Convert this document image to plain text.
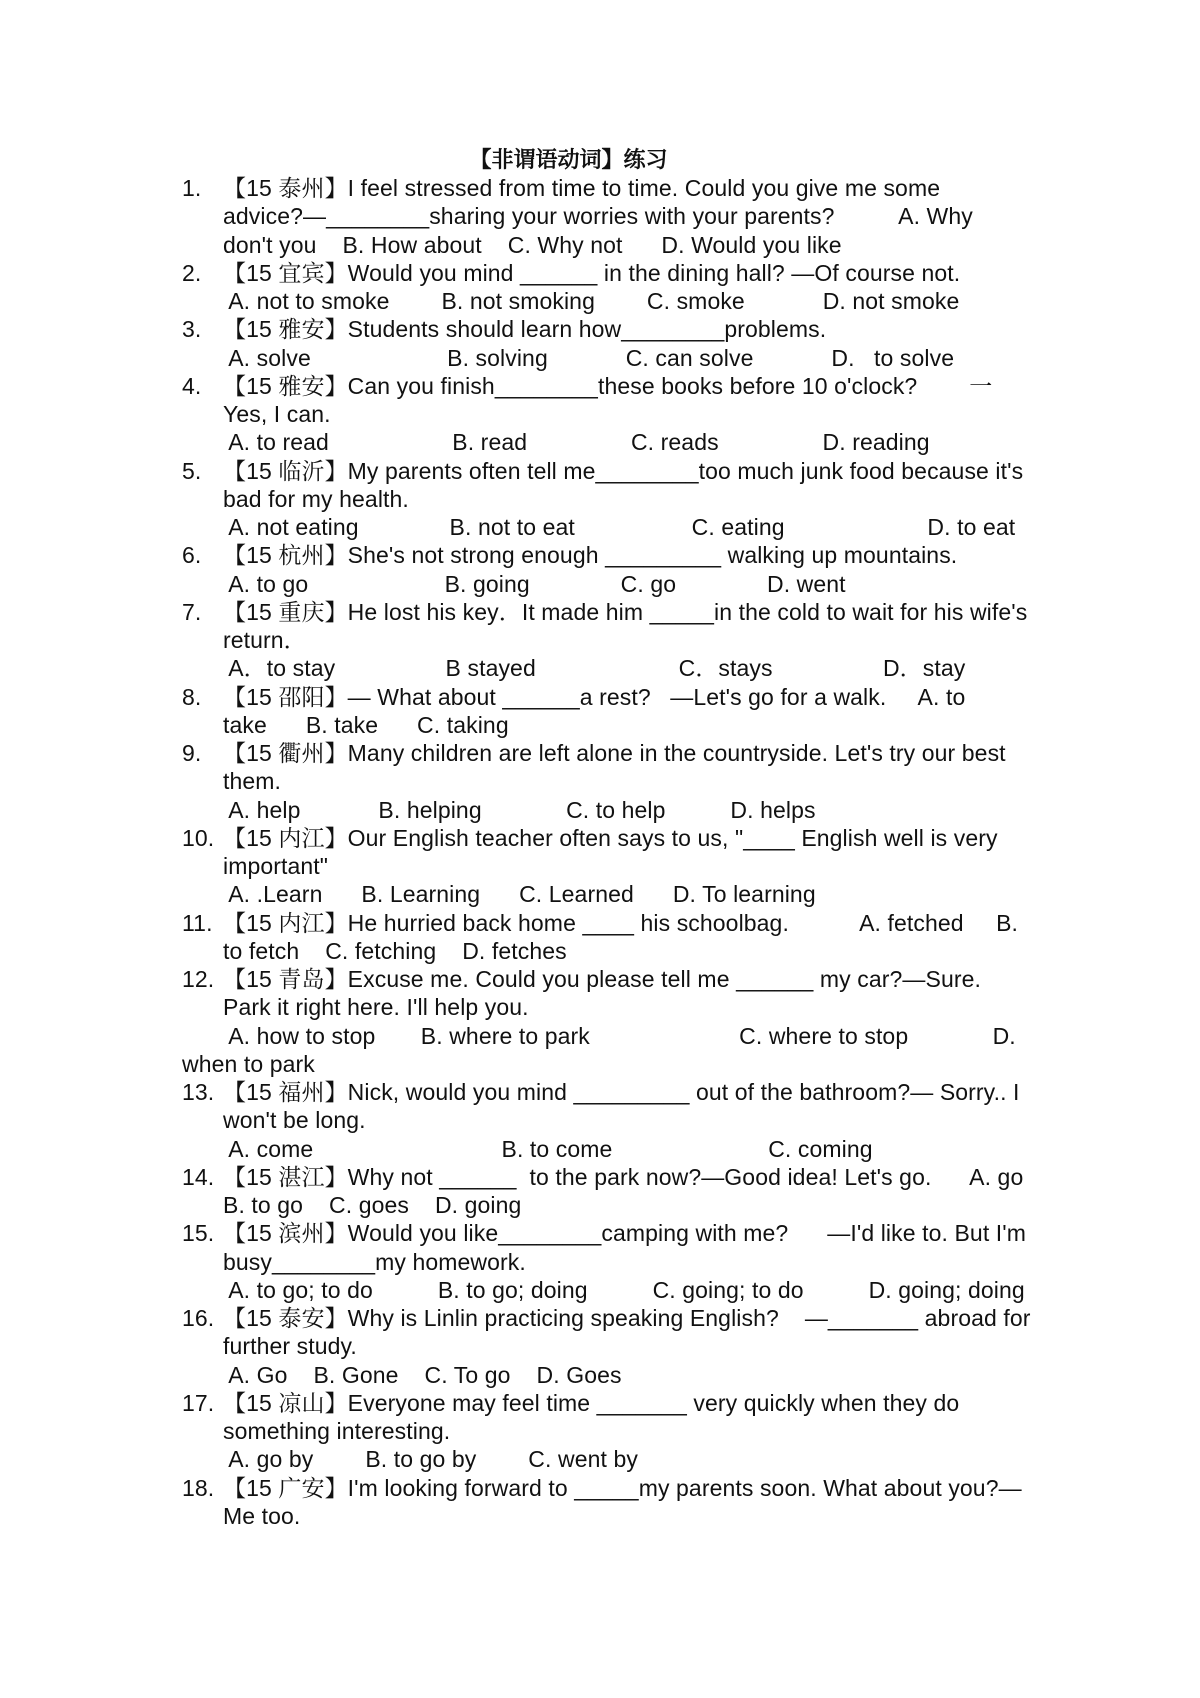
【非谓语动词】练习
1. 【15 泰州】I feel stressed from time to time. Could you give me some
advice?—________sharing your worries with your parents?          A. Why
don't you    B. How about    C. Why not      D. Would you like
2. 【15 宜宾】Would you mind ______ in the dining hall? —Of course not.
A. not to smoke        B. not smoking        C. smoke            D. not smoke
3. 【15 雅安】Students should learn how________problems.
A. solve                     B. solving            C. can solve            D.   to solve
4. 【15 雅安】Can you finish________these books before 10 o'clock?        一
Yes, I can.
A. to read                   B. read                C. reads                D. reading
5. 【15 临沂】My parents often tell me________too much junk food because it's
bad for my health.
A. not eating              B. not to eat                  C. eating                      D. to eat
6. 【15 杭州】She's not strong enough _________ walking up mountains.
A. to go                     B. going              C. go              D. went
7. 【15 重庆】He lost his key．It made him _____in the cold to wait for his wife's
return．
A．to stay                 B stayed                      C．stays                 D．stay
8. 【15 邵阳】— What about ______a rest?   —Let's go for a walk.     A. to
take      B. take      C. taking
9. 【15 衢州】Many children are left alone in the countryside. Let's try our best
them.
A. help            B. helping             C. to help          D. helps
10. 【15 内江】Our English teacher often says to us, "____ English well is very
important"
A. .Learn      B. Learning      C. Learned      D. To learning
11. 【15 内江】He hurried back home ____ his schoolbag.           A. fetched     B.
to fetch    C. fetching    D. fetches
12. 【15 青岛】Excuse me. Could you please tell me ______ my car?—Sure.
Park it right here. I'll help you.
A. how to stop       B. where to park                       C. where to stop             D.
when to park
13. 【15 福州】Nick, would you mind _________ out of the bathroom?— Sorry.. I
won't be long.
A. come                             B. to come                        C. coming
14. 【15 湛江】Why not ______  to the park now?—Good idea! Let's go.      A. go
B. to go    C. goes    D. going
15. 【15 滨州】Would you like________camping with me?      —I'd like to. But I'm
busy________my homework.
A. to go; to do          B. to go; doing          C. going; to do          D. going; doing
16. 【15 泰安】Why is Linlin practicing speaking English?    —_______ abroad for
further study.
A. Go    B. Gone    C. To go    D. Goes
17. 【15 凉山】Everyone may feel time _______ very quickly when they do
something interesting.
A. go by        B. to go by        C. went by
18. 【15 广安】I'm looking forward to _____my parents soon. What about you?—
Me too.
